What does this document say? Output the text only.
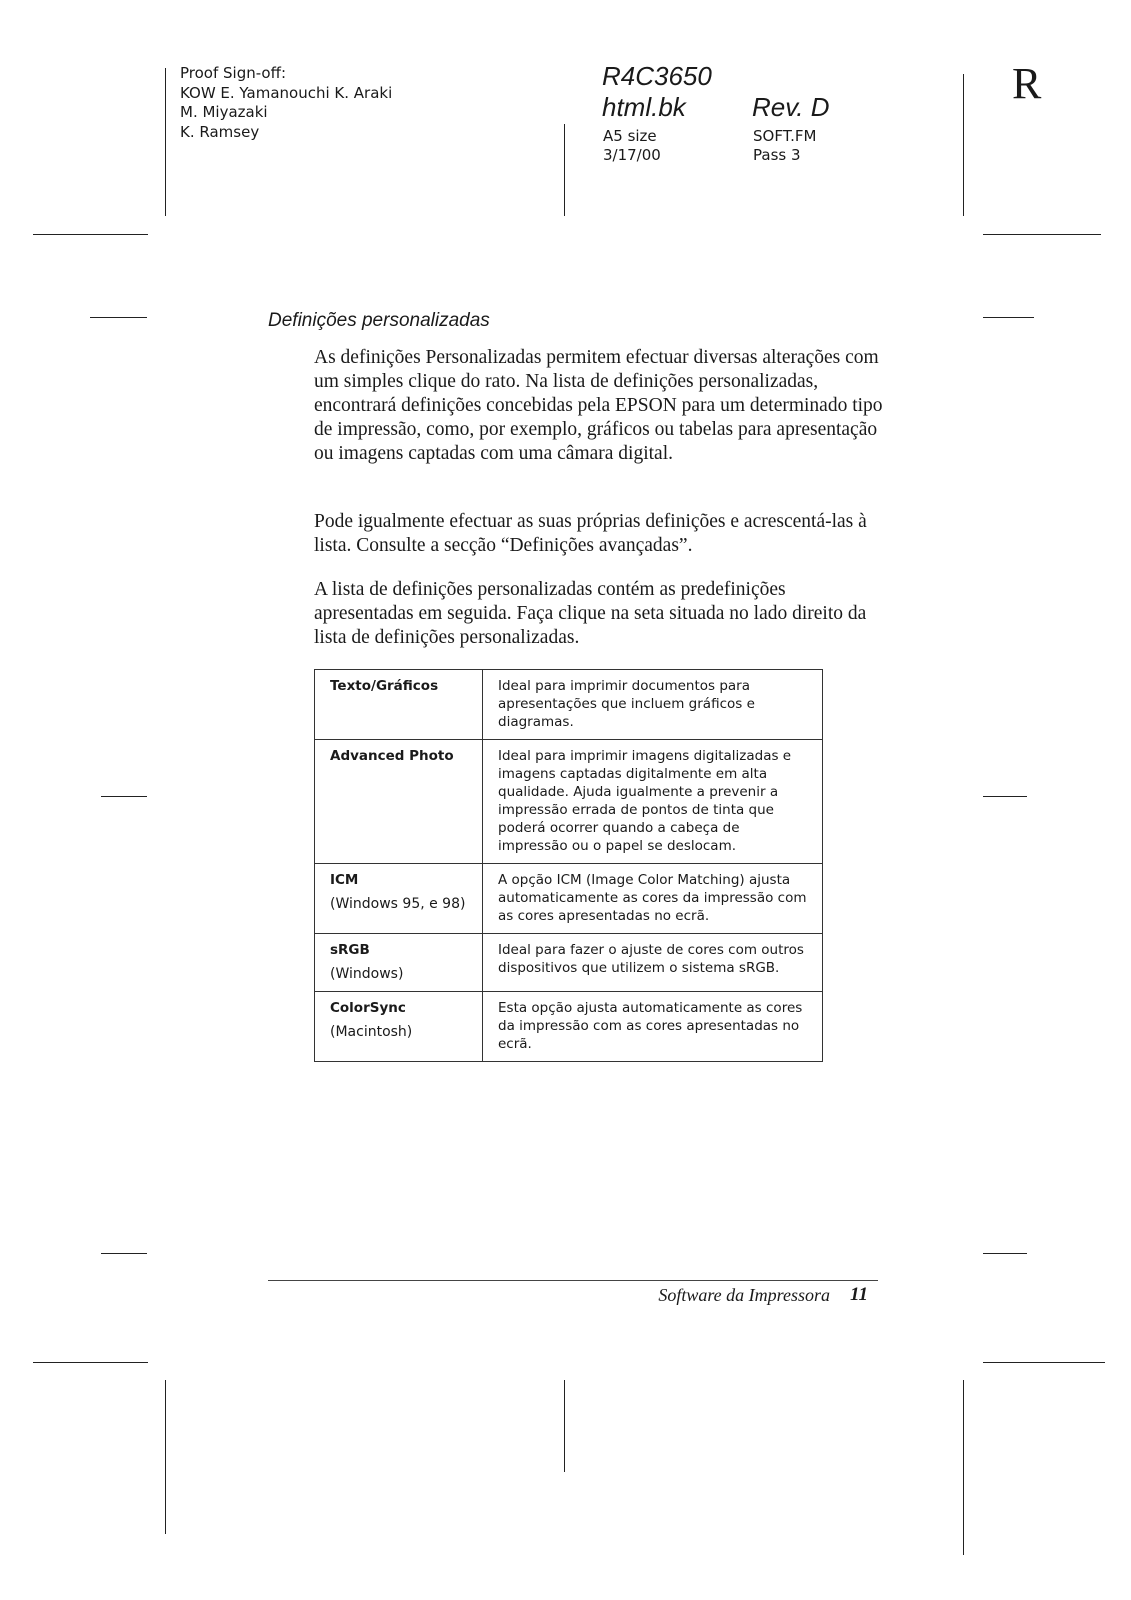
Proof Sign-off:
KOW E. Yamanouchi K. Araki
M. Miyazaki
K. Ramsey
R4C3650
html.bk	Rev. D
A5 size	SOFT.FM
3/17/00	Pass 3
R
Definições personalizadas

As definições Personalizadas permitem efectuar diversas alterações com um simples clique do rato. Na lista de definições personalizadas, encontrará definições concebidas pela EPSON para um determinado tipo de impressão, como, por exemplo, gráficos ou tabelas para apresentação ou imagens captadas com uma câmara digital.

Pode igualmente efectuar as suas próprias definições e acrescentá-las à lista. Consulte a secção “Definições avançadas”.

A lista de definições personalizadas contém as predefinições apresentadas em seguida. Faça clique na seta situada no lado direito da lista de definições personalizadas.

Texto/Gráficos	Ideal para imprimir documentos para apresentações que incluem gráficos e diagramas.

Advanced Photo	Ideal para imprimir imagens digitalizadas e imagens captadas digitalmente em alta qualidade. Ajuda igualmente a prevenir a impressão errada de pontos de tinta que poderá ocorrer quando a cabeça de impressão ou o papel se deslocam.

ICM
(Windows 95, e 98)	A opção ICM (Image Color Matching) ajusta automaticamente as cores da impressão com as cores apresentadas no ecrã.

sRGB
(Windows)	Ideal para fazer o ajuste de cores com outros dispositivos que utilizem o sistema sRGB.

ColorSync
(Macintosh)	Esta opção ajusta automaticamente as cores da impressão com as cores apresentadas no ecrã.
Software da Impressora 11
